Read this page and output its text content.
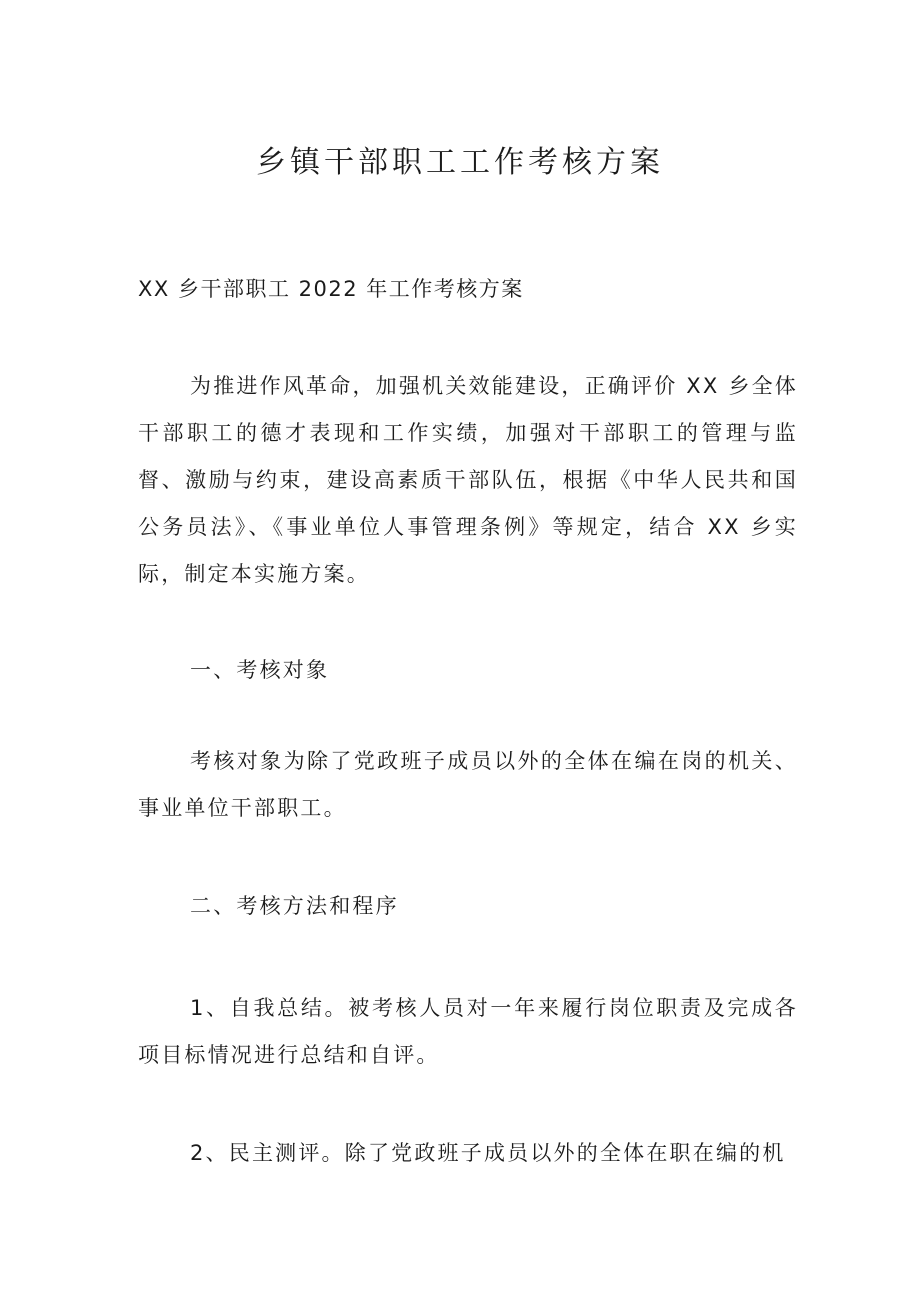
乡镇干部职工工作考核方案
XX 乡干部职工 2022 年工作考核方案

为推进作风革命，加强机关效能建设，正确评价 XX 乡全体干部职工的德才表现和工作实绩，加强对干部职工的管理与监督、激励与约束，建设高素质干部队伍，根据《中华人民共和国公务员法》、《事业单位人事管理条例》等规定，结合 XX 乡实际，制定本实施方案。

一、考核对象

考核对象为除了党政班子成员以外的全体在编在岗的机关、事业单位干部职工。

二、考核方法和程序

1、自我总结。被考核人员对一年来履行岗位职责及完成各项目标情况进行总结和自评。

2、民主测评。除了党政班子成员以外的全体在职在编的机
